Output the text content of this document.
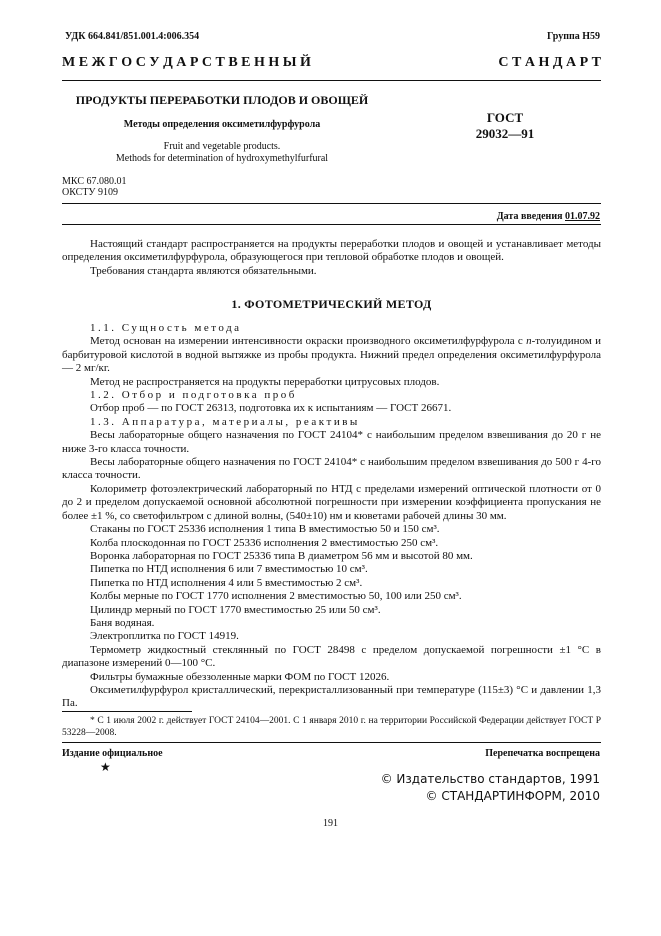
УДК 664.841/851.001.4:006.354	Группа Н59
М Е Ж Г О С У Д А Р С Т В Е Н Н Ы Й	С Т А Н Д А Р Т
ПРОДУКТЫ ПЕРЕРАБОТКИ ПЛОДОВ И ОВОЩЕЙ
Методы определения оксиметилфурфурола
Fruit and vegetable products.
Methods for determination of hydroxymethylfurfural
ГОСТ
29032—91
МКС 67.080.01
ОКСТУ 9109
Дата введения 01.07.92

Настоящий стандарт распространяется на продукты переработки плодов и овощей и устанавливает методы определения оксиметилфурфурола, образующегося при тепловой обработке плодов и овощей.

Требования стандарта являются обязательными.

1. ФОТОМЕТРИЧЕСКИЙ МЕТОД

1.1. Сущность метода

Метод основан на измерении интенсивности окраски производного оксиметилфурфурола с n-толуидином и барбитуровой кислотой в водной вытяжке из пробы продукта. Нижний предел определения оксиметилфурфурола — 2 мг/кг.

Метод не распространяется на продукты переработки цитрусовых плодов.

1.2. Отбор и подготовка проб

Отбор проб — по ГОСТ 26313, подготовка их к испытаниям — ГОСТ 26671.

1.3. Аппаратура, материалы, реактивы

Весы лабораторные общего назначения по ГОСТ 24104* с наибольшим пределом взвешивания до 20 г не ниже 3-го класса точности.

Весы лабораторные общего назначения по ГОСТ 24104* с наибольшим пределом взвешивания до 500 г 4-го класса точности.

Колориметр фотоэлектрический лабораторный по НТД с пределами измерений оптической плотности от 0 до 2 и пределом допускаемой основной абсолютной погрешности при измерении коэффициента пропускания не более ±1 %, со светофильтром с длиной волны, (540±10) нм и кюветами рабочей длины 30 мм.

Стаканы по ГОСТ 25336 исполнения 1 типа В вместимостью 50 и 150 см³.

Колба плоскодонная по ГОСТ 25336 исполнения 2 вместимостью 250 см³.

Воронка лабораторная по ГОСТ 25336 типа В диаметром 56 мм и высотой 80 мм.

Пипетка по НТД исполнения 6 или 7 вместимостью 10 см³.

Пипетка по НТД исполнения 4 или 5 вместимостью 2 см³.

Колбы мерные по ГОСТ 1770 исполнения 2 вместимостью 50, 100 или 250 см³.

Цилиндр мерный по ГОСТ 1770 вместимостью 25 или 50 см³.

Баня водяная.

Электроплитка по ГОСТ 14919.

Термометр жидкостный стеклянный по ГОСТ 28498 с пределом допускаемой погрешности ±1 °С в диапазоне измерений 0—100 °С.

Фильтры бумажные обеззоленные марки ФОМ по ГОСТ 12026.

Оксиметилфурфурол кристаллический, перекристаллизованный при температуре (115±3) °С и давлении 1,3 Па.

* С 1 июля 2002 г. действует ГОСТ 24104—2001. С 1 января 2010 г. на территории Российской Федерации действует ГОСТ Р 53228—2008.
Издание официальное	Перепечатка воспрещена
★
© Издательство стандартов, 1991
© СТАНДАРТИНФОРМ, 2010
191
